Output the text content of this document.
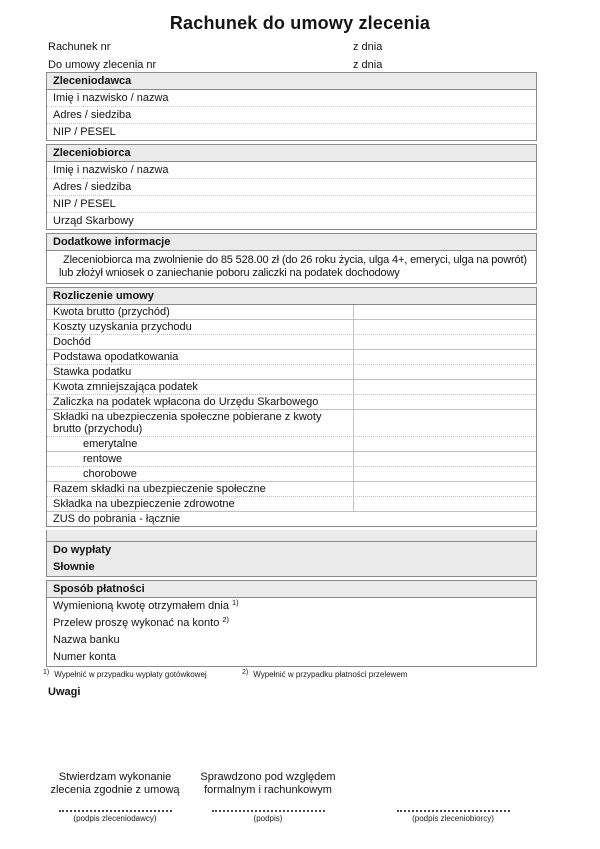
Rachunek do umowy zlecenia
Rachunek nr	z dnia
Do umowy zlecenia nr	z dnia
Zleceniodawca
Imię i nazwisko / nazwa
Adres / siedziba
NIP / PESEL
Zleceniobiorca
Imię i nazwisko / nazwa
Adres / siedziba
NIP / PESEL
Urząd Skarbowy
Dodatkowe informacje
Zleceniobiorca ma zwolnienie do 85 528.00 zł (do 26 roku życia, ulga 4+, emeryci, ulga na powrót)
lub złożył wniosek o zaniechanie poboru zaliczki na podatek dochodowy
Rozliczenie umowy
Kwota brutto (przychód)
Koszty uzyskania przychodu
Dochód
Podstawa opodatkowania
Stawka podatku
Kwota zmniejszająca podatek
Zaliczka na podatek wpłacona do Urzędu Skarbowego
Składki na ubezpieczenia społeczne pobierane z kwoty brutto (przychodu)
emerytalne
rentowe
chorobowe
Razem składki na ubezpieczenie społeczne
Składka na ubezpieczenie zdrowotne
ZUS do pobrania - łącznie
Do wypłaty
Słownie
Sposób płatności
Wymienioną kwotę otrzymałem dnia $^{1)}$
Przelew proszę wykonać na konto $^{2)}$
Nazwa banku
Numer konta
1) Wypełnić w przypadku wypłaty gotówkowej	2) Wypełnić w przypadku płatności przelewem
Uwagi
Stwierdzam wykonanie
zlecenia zgodnie z umową
(podpis zleceniodawcy)
Sprawdzono pod względem
formalnym i rachunkowym
(podpis)	(podpis zleceniobiorcy)
